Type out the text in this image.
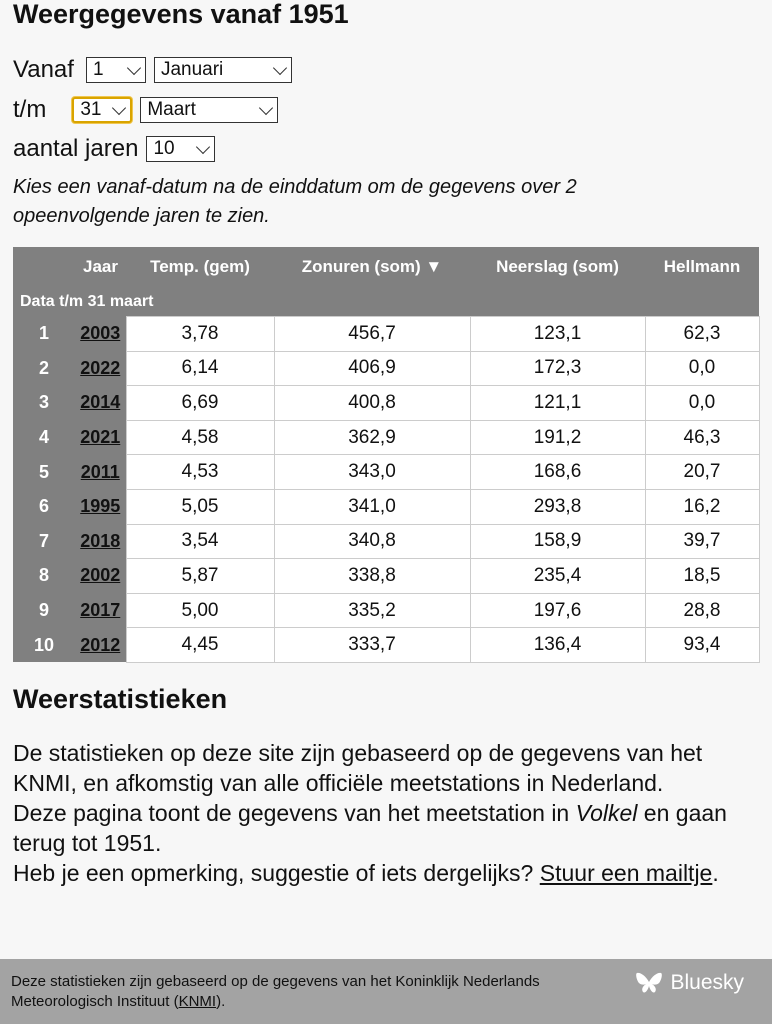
Weergegevens vanaf 1951
Vanaf 1	Januari
t/m 31 Maart
aantal jaren 10

Kies een vanaf-datum na de einddatum om de gegevens over 2 opeenvolgende jaren te zien.

Data t/m 31 maart					
	Jaar	Temp. (gem)	Zonuren (som) ▼	Neerslag (som)	Hellmann
1	2003	3,78	456,7	123,1	62,3
2	2022	6,14	406,9	172,3	0,0
3	2014	6,69	400,8	121,1	0,0
4	2021	4,58	362,9	191,2	46,3
5	2011	4,53	343,0	168,6	20,7
6	1995	5,05	341,0	293,8	16,2
7	2018	3,54	340,8	158,9	39,7
8	2002	5,87	338,8	235,4	18,5
9	2017	5,00	335,2	197,6	28,8
10	2012	4,45	333,7	136,4	93,4
Weerstatistieken

De statistieken op deze site zijn gebaseerd op de gegevens van het KNMI, en afkomstig van alle officiële meetstations in Nederland.
Deze pagina toont de gegevens van het meetstation in Volkel en gaan terug tot 1951.
Heb je een opmerking, suggestie of iets dergelijks? Stuur een mailtje.

Deze statistieken zijn gebaseerd op de gegevens van het Koninklijk Nederlands Meteorologisch Instituut (KNMI).
Bluesky
